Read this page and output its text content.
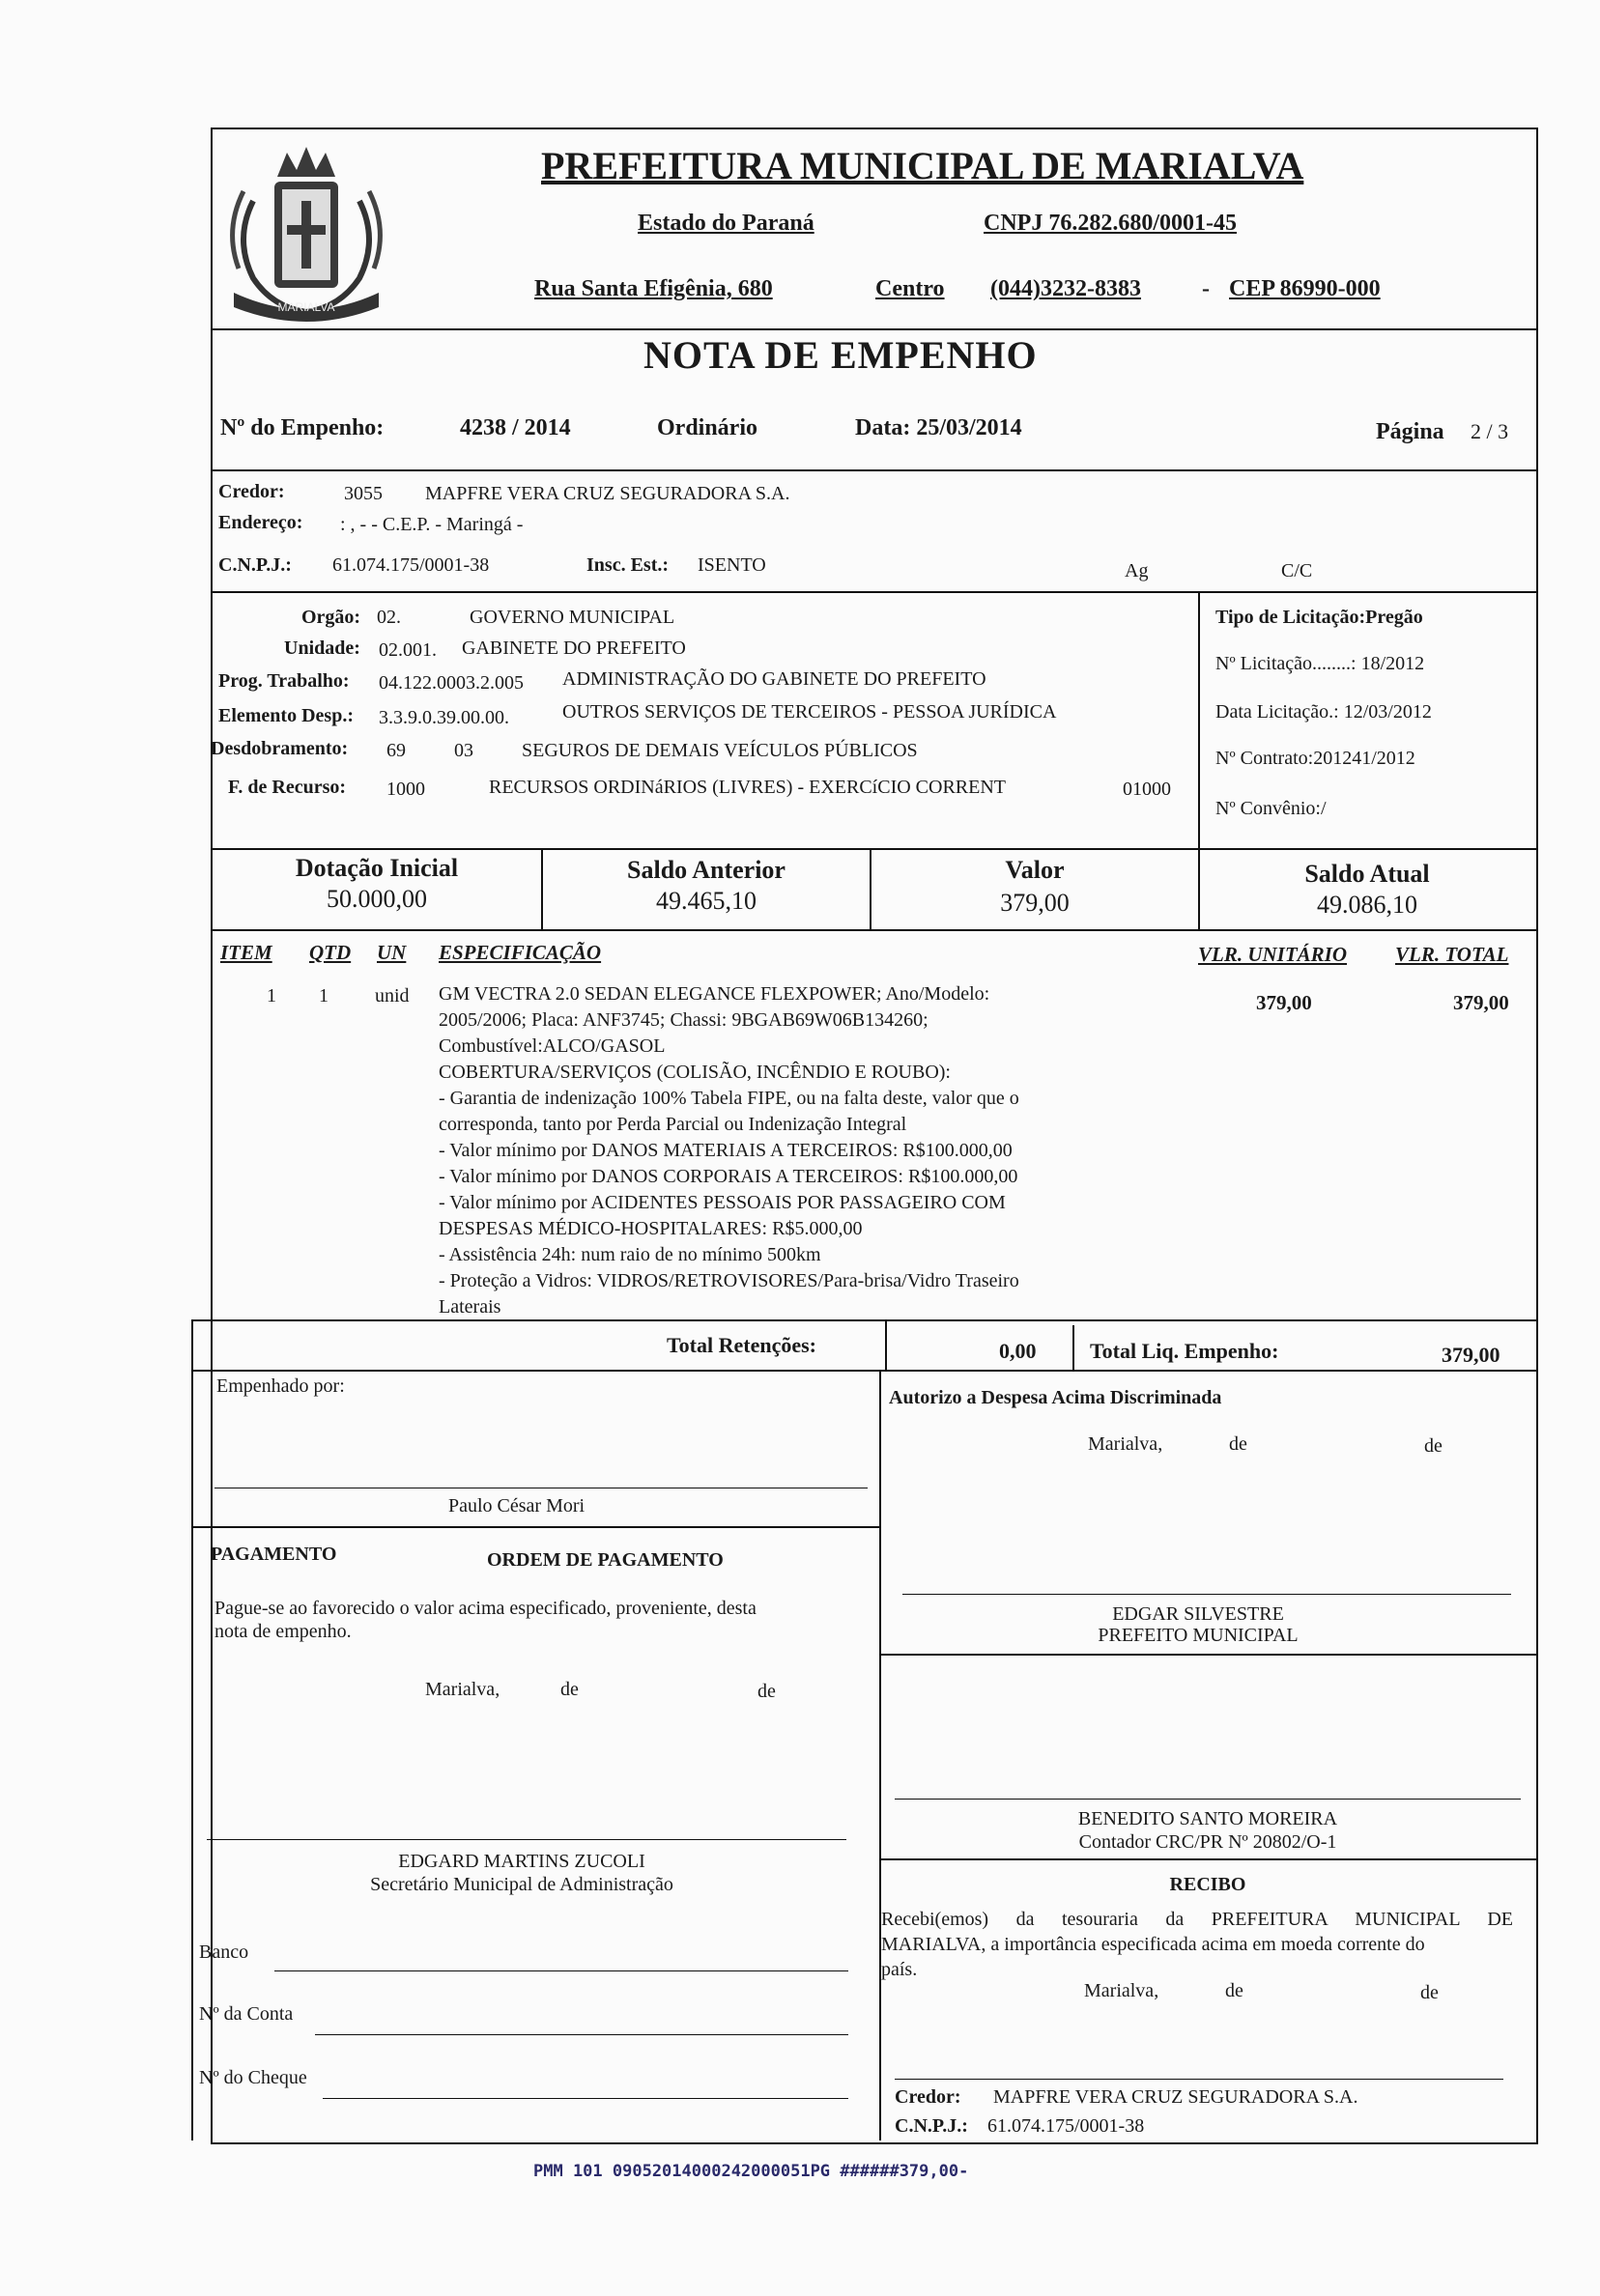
MARIALVA
PREFEITURA MUNICIPAL DE MARIALVA
Estado do Paraná	CNPJ 76.282.680/0001-45
Rua Santa Efigênia, 680	Centro (044)3232-8383	- CEP 86990-000
NOTA DE EMPENHO
Nº do Empenho:	4238 / 2014	Ordinário	Data: 25/03/2014	Página 2 / 3
Credor:	3055 MAPFRE VERA CRUZ SEGURADORA S.A.
Endereço: : , - - C.E.P. - Maringá -
C.N.P.J.: 61.074.175/0001-38	Insc. Est.: ISENTO	Ag	C/C
Orgão: 02.	GOVERNO MUNICIPAL
Unidade: 02.001. GABINETE DO PREFEITO
Prog. Trabalho: 04.122.0003.2.005 ADMINISTRAÇÃO DO GABINETE DO PREFEITO
Elemento Desp.: 3.3.9.0.39.00.00.	OUTROS SERVIÇOS DE TERCEIROS - PESSOA JURÍDICA
Desdobramento: 69	03	SEGUROS DE DEMAIS VEÍCULOS PÚBLICOS
F. de Recurso: 1000	RECURSOS ORDINáRIOS (LIVRES) - EXERCíCIO CORRENT	01000
Tipo de Licitação:Pregão
Nº Licitação........: 18/2012
Data Licitação.: 12/03/2012
Nº Contrato:201241/2012
Nº Convênio:/
Dotação Inicial
50.000,00
Saldo Anterior
49.465,10
Valor
379,00
Saldo Atual
49.086,10
ITEM QTD UN ESPECIFICAÇÃO	VLR. UNITÁRIO VLR. TOTAL
1 1 unid	379,00	379,00
GM VECTRA 2.0 SEDAN ELEGANCE FLEXPOWER; Ano/Modelo:
2005/2006; Placa: ANF3745; Chassi: 9BGAB69W06B134260;
Combustível:ALCO/GASOL
COBERTURA/SERVIÇOS (COLISÃO, INCÊNDIO E ROUBO):
- Garantia de indenização 100% Tabela FIPE, ou na falta deste, valor que o
corresponda, tanto por Perda Parcial ou Indenização Integral
- Valor mínimo por DANOS MATERIAIS A TERCEIROS: R$100.000,00
- Valor mínimo por DANOS CORPORAIS A TERCEIROS: R$100.000,00
- Valor mínimo por ACIDENTES PESSOAIS POR PASSAGEIRO COM
DESPESAS MÉDICO-HOSPITALARES: R$5.000,00
- Assistência 24h: num raio de no mínimo 500km
- Proteção a Vidros: VIDROS/RETROVISORES/Para-brisa/Vidro Traseiro
Laterais
Total Retenções:	0,00	Total Liq. Empenho:	379,00
Empenhado por:
Paulo César Mori
Autorizo a Despesa Acima Discriminada
Marialva,	de	de
EDGAR SILVESTRE
PREFEITO MUNICIPAL
PAGAMENTO	ORDEM DE PAGAMENTO
Pague-se ao favorecido o valor acima especificado, proveniente, desta
nota de empenho.
Marialva,	de	de
EDGARD MARTINS ZUCOLI
Secretário Municipal de Administração
BENEDITO SANTO MOREIRA
Contador CRC/PR Nº 20802/O-1
RECIBO
Recebi(emos) da tesouraria da PREFEITURA MUNICIPAL DE
MARIALVA, a importância especificada acima em moeda corrente do
país.
Marialva,	de	de
Credor: MAPFRE VERA CRUZ SEGURADORA S.A.
C.N.P.J.: 61.074.175/0001-38
Banco
Nº da Conta
Nº do Cheque
PMM 101 09052014000242000051PG ######379,00-
